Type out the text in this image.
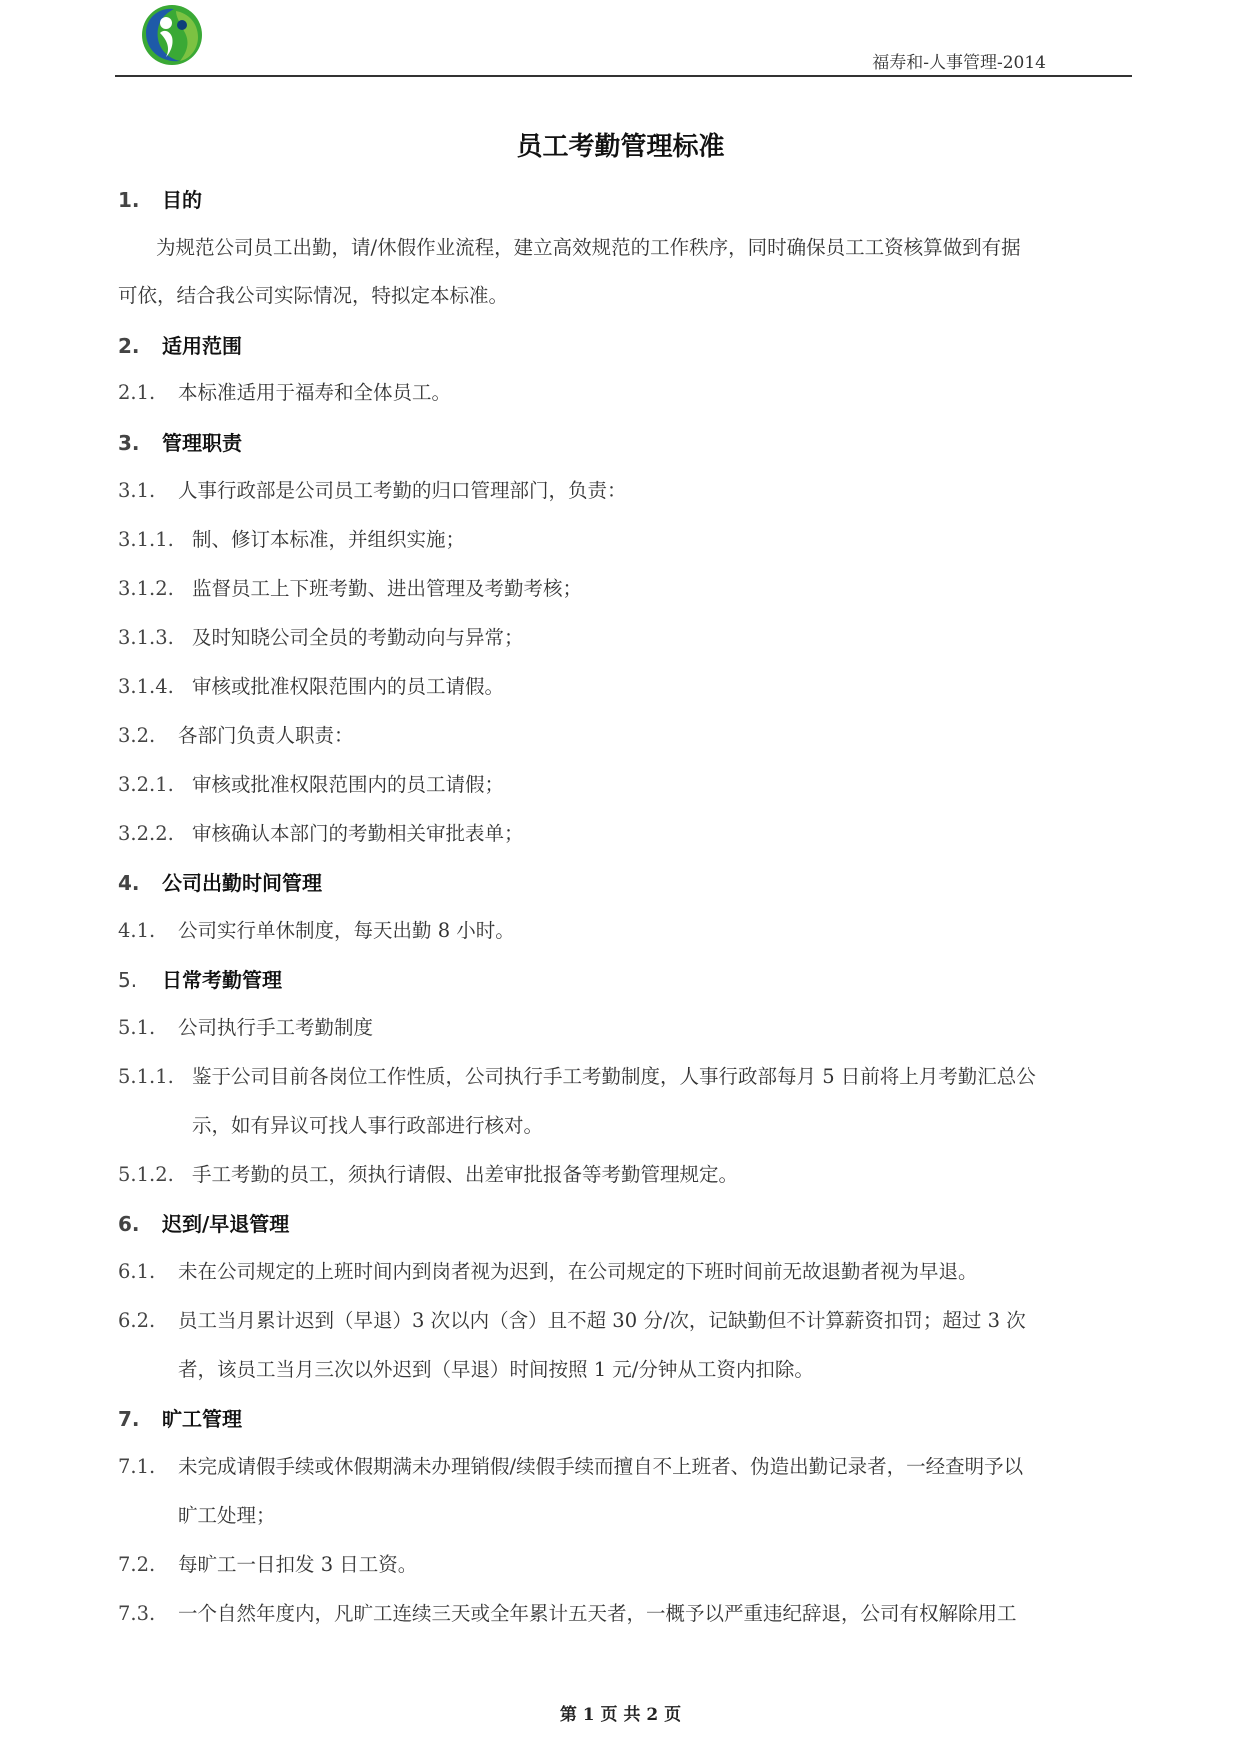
福寿和-人事管理-2014
员工考勤管理标准
1. 目的
为规范公司员工出勤，请/休假作业流程，建立高效规范的工作秩序，同时确保员工工资核算做到有据
可依，结合我公司实际情况，特拟定本标准。
2. 适用范围
2.1. 本标准适用于福寿和全体员工。
3. 管理职责
3.1. 人事行政部是公司员工考勤的归口管理部门，负责：
3.1.1. 制、修订本标准，并组织实施；
3.1.2. 监督员工上下班考勤、进出管理及考勤考核；
3.1.3. 及时知晓公司全员的考勤动向与异常；
3.1.4. 审核或批准权限范围内的员工请假。
3.2. 各部门负责人职责：
3.2.1. 审核或批准权限范围内的员工请假；
3.2.2. 审核确认本部门的考勤相关审批表单；
4. 公司出勤时间管理
4.1. 公司实行单休制度，每天出勤 8 小时。
5. 日常考勤管理
5.1. 公司执行手工考勤制度
5.1.1. 鉴于公司目前各岗位工作性质，公司执行手工考勤制度，人事行政部每月 5 日前将上月考勤汇总公
示，如有异议可找人事行政部进行核对。
5.1.2. 手工考勤的员工，须执行请假、出差审批报备等考勤管理规定。
6. 迟到/早退管理
6.1. 未在公司规定的上班时间内到岗者视为迟到，在公司规定的下班时间前无故退勤者视为早退。
6.2. 员工当月累计迟到（早退）3 次以内（含）且不超 30 分/次，记缺勤但不计算薪资扣罚；超过 3 次
者，该员工当月三次以外迟到（早退）时间按照 1 元/分钟从工资内扣除。
7. 旷工管理
7.1. 未完成请假手续或休假期满未办理销假/续假手续而擅自不上班者、伪造出勤记录者，一经查明予以
旷工处理；
7.2. 每旷工一日扣发 3 日工资。
7.3. 一个自然年度内，凡旷工连续三天或全年累计五天者，一概予以严重违纪辞退，公司有权解除用工
第 1 页 共 2 页
